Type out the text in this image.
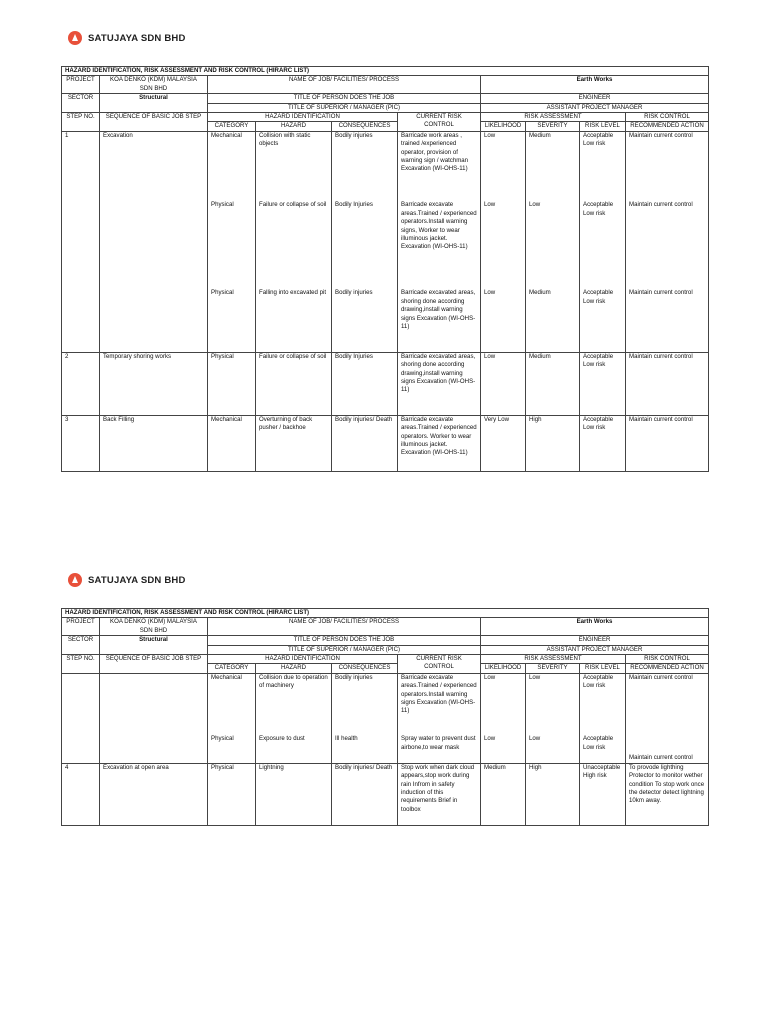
SATUJAYA SDN BHD
HAZARD IDENTIFICATION, RISK ASSESSMENT AND RISK CONTROL (HIRARC LIST)									
PROJECT	KOA DENKO (KDM) MALAYSIA SDN BHD	NAME OF JOB/ FACILITIES/ PROCESS				Earth Works			
SECTOR	Structural	TITLE OF PERSON DOES THE JOB				ENGINEER			
		TITLE OF SUPERIOR / MANAGER (PIC)				ASSISTANT PROJECT MANAGER			
STEP NO.	SEQUENCE OF BASIC JOB STEP	HAZARD IDENTIFICATION			CURRENT RISK CONTROL	RISK ASSESSMENT			RISK CONTROL
		CATEGORY	HAZARD	CONSEQUENCES		LIKELIHOOD	SEVERITY	RISK LEVEL	RECOMMENDED ACTION
1	Excavation	Mechanical	Collision with static objects	Bodily injuries	Barricade work areas , trained /experienced operator, provision of warning sign / watchman Excavation (WI-OHS-11)	Low	Medium	Acceptable Low risk	Maintain current control
		Physical	Failure or collapse of soil	Bodily Injuries	Barricade excavate areas.Trained / experienced operators.Install warning signs, Worker to wear illuminous jacket. Excavation (WI-OHS-11)	Low	Low	Acceptable Low risk	Maintain current control
		Physical	Falling into excavated pit	Bodily injuries	Barricade excavated areas, shoring done according drawing,install warning signs Excavation (WI-OHS-11)	Low	Medium	Acceptable Low risk	Maintain current control
2	Temporary shoring works	Physical	Failure or collapse of soil	Bodily Injuries	Barricade excavated areas, shoring done according drawing,install warning signs Excavation (WI-OHS-11)	Low	Medium	Acceptable Low risk	Maintain current control
3	Back Filling	Mechanical	Overturning of back pusher / backhoe	Bodily injuries/ Death	Barricade excavate areas.Trained / experienced operators. Worker to wear illuminous jacket. Excavation (WI-OHS-11)	Very Low	High	Acceptable Low risk	Maintain current control
SATUJAYA SDN BHD
HAZARD IDENTIFICATION, RISK ASSESSMENT AND RISK CONTROL (HIRARC LIST)									
PROJECT	KOA DENKO (KDM) MALAYSIA SDN BHD	NAME OF JOB/ FACILITIES/ PROCESS				Earth Works			
SECTOR	Structural	TITLE OF PERSON DOES THE JOB				ENGINEER			
		TITLE OF SUPERIOR / MANAGER (PIC)				ASSISTANT PROJECT MANAGER			
STEP NO.	SEQUENCE OF BASIC JOB STEP	HAZARD IDENTIFICATION			CURRENT RISK CONTROL	RISK ASSESSMENT			RISK CONTROL
		CATEGORY	HAZARD	CONSEQUENCES		LIKELIHOOD	SEVERITY	RISK LEVEL	RECOMMENDED ACTION
		Mechanical	Collision due to operation of machinery	Bodily injuries	Barricade excavate areas.Trained / experienced operators.Install warning signs Excavation (WI-OHS-11)	Low	Low	Acceptable Low risk	Maintain current control
		Physical	Exposure to dust	Ill health	Spray water to prevent dust airbone,to wear mask	Low	Low	Acceptable Low risk	Maintain current control
4	Excavation at open area	Physical	Lightning	Bodily injuries/ Death	Stop work when dark cloud appears,stop work during rain Infrom in safety induction of this requirements Brief in toolbox	Medium	High	Unacceptable High risk	To provode lighthing Protector to monitor wether condition To stop work once the detector detect lightning 10km away.
